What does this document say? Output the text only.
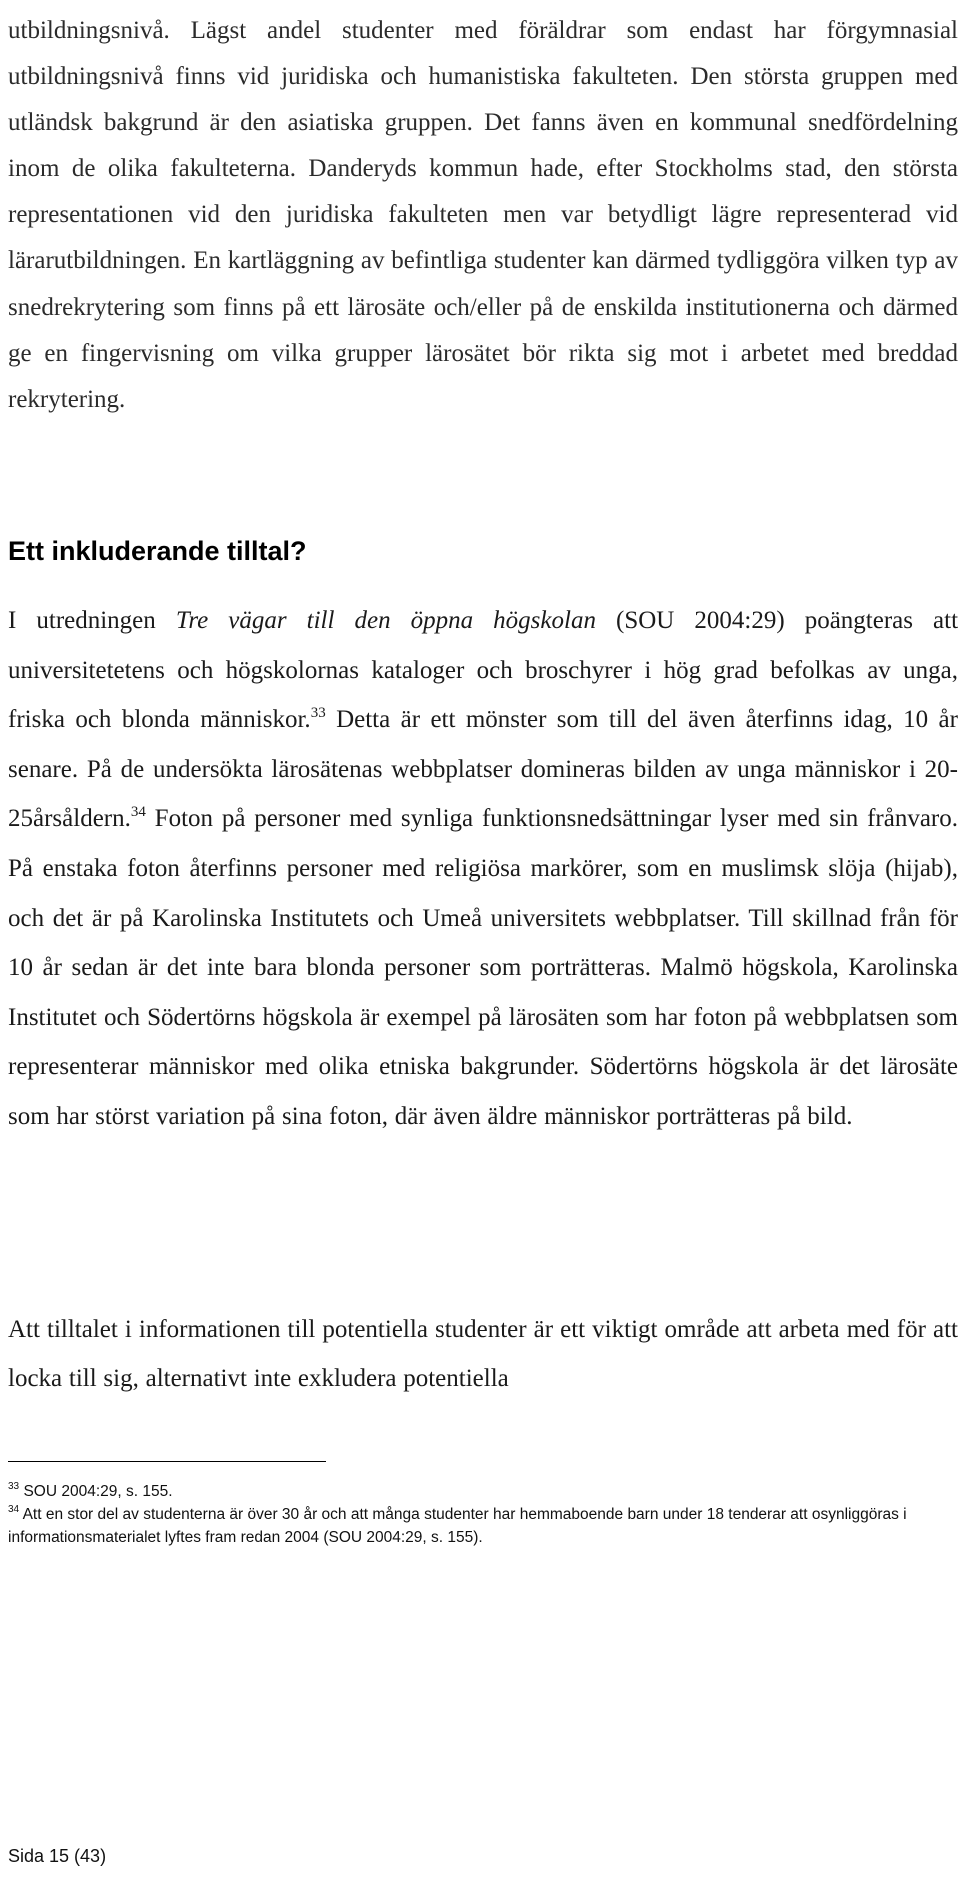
utbildningsnivå. Lägst andel studenter med föräldrar som endast har förgymnasial utbildningsnivå finns vid juridiska och humanistiska fakulteten. Den största gruppen med utländsk bakgrund är den asiatiska gruppen. Det fanns även en kommunal snedfördelning inom de olika fakulteterna. Danderyds kommun hade, efter Stockholms stad, den största representationen vid den juridiska fakulteten men var betydligt lägre representerad vid lärarutbildningen. En kartläggning av befintliga studenter kan därmed tydliggöra vilken typ av snedrekrytering som finns på ett lärosäte och/eller på de enskilda institutionerna och därmed ge en fingervisning om vilka grupper lärosätet bör rikta sig mot i arbetet med breddad rekrytering.

Ett inkluderande tilltal?

I utredningen Tre vägar till den öppna högskolan (SOU 2004:29) poängteras att universitetetens och högskolornas kataloger och broschyrer i hög grad befolkas av unga, friska och blonda människor.$^{33}$ Detta är ett mönster som till del även återfinns idag, 10 år senare. På de undersökta lärosätenas webbplatser domineras bilden av unga människor i 20-25årsåldern.$^{34}$ Foton på personer med synliga funktionsnedsättningar lyser med sin frånvaro. På enstaka foton återfinns personer med religiösa markörer, som en muslimsk slöja (hijab), och det är på Karolinska Institutets och Umeå universitets webbplatser. Till skillnad från för 10 år sedan är det inte bara blonda personer som porträtteras. Malmö högskola, Karolinska Institutet och Södertörns högskola är exempel på lärosäten som har foton på webbplatsen som representerar människor med olika etniska bakgrunder. Södertörns högskola är det lärosäte som har störst variation på sina foton, där även äldre människor porträtteras på bild.

Att tilltalet i informationen till potentiella studenter är ett viktigt område att arbeta med för att locka till sig, alternativt inte exkludera potentiella

$^{33}$ SOU 2004:29, s. 155.

$^{34}$ Att en stor del av studenterna är över 30 år och att många studenter har hemmaboende barn under 18 tenderar att osynliggöras i informationsmaterialet lyftes fram redan 2004 (SOU 2004:29, s. 155).

Sida 15 (43)
